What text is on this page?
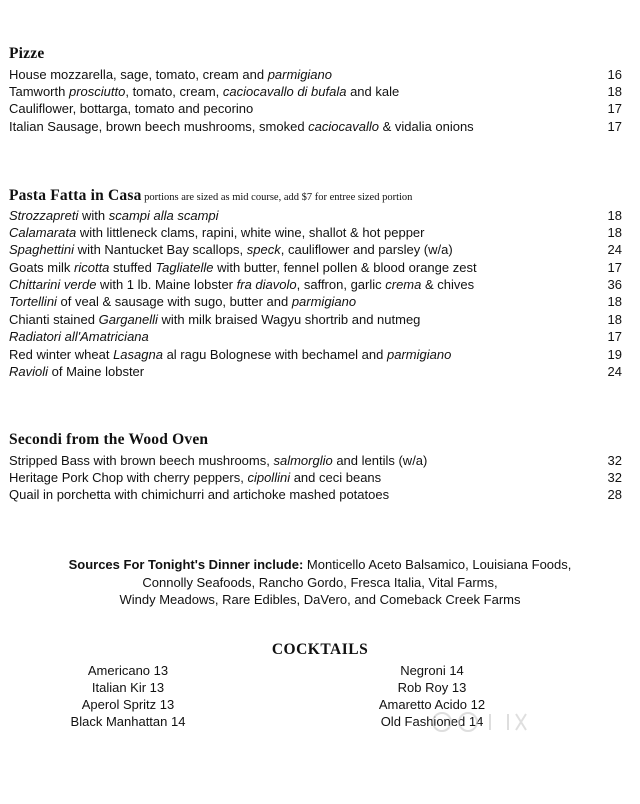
Pizze
House mozzarella, sage, tomato, cream and parmigiano	16
Tamworth prosciutto, tomato, cream, caciocavallo di bufala and kale	18
Cauliflower, bottarga, tomato and pecorino	17
Italian Sausage, brown beech mushrooms, smoked caciocavallo & vidalia onions	17
Pasta Fatta in Casa portions are sized as mid course, add $7 for entree sized portion
Strozzapreti with scampi alla scampi	18
Calamarata with littleneck clams, rapini, white wine, shallot & hot pepper	18
Spaghettini with Nantucket Bay scallops, speck, cauliflower and parsley (w/a)	24
Goats milk ricotta stuffed Tagliatelle with butter, fennel pollen & blood orange zest	17
Chittarini verde with 1 lb. Maine lobster fra diavolo, saffron, garlic crema & chives	36
Tortellini of veal & sausage with sugo, butter and parmigiano	18
Chianti stained Garganelli with milk braised Wagyu shortrib and nutmeg	18
Radiatori all'Amatriciana	17
Red winter wheat Lasagna al ragu Bolognese with bechamel and parmigiano	19
Ravioli of Maine lobster	24
Secondi from the Wood Oven
Stripped Bass with brown beech mushrooms, salmorglio and lentils (w/a)	32
Heritage Pork Chop with cherry peppers, cipollini and ceci beans	32
Quail in porchetta with chimichurri and artichoke mashed potatoes	28
Sources For Tonight's Dinner include: Monticello Aceto Balsamico, Louisiana Foods,
Connolly Seafoods, Rancho Gordo, Fresca Italia, Vital Farms,
Windy Meadows, Rare Edibles, DaVero, and Comeback Creek Farms
COCKTAILS
Americano 13
Italian Kir 13
Aperol Spritz 13
Black Manhattan 14
Negroni 14
Rob Roy 13
Amaretto Acido 12
Old Fashioned 14
